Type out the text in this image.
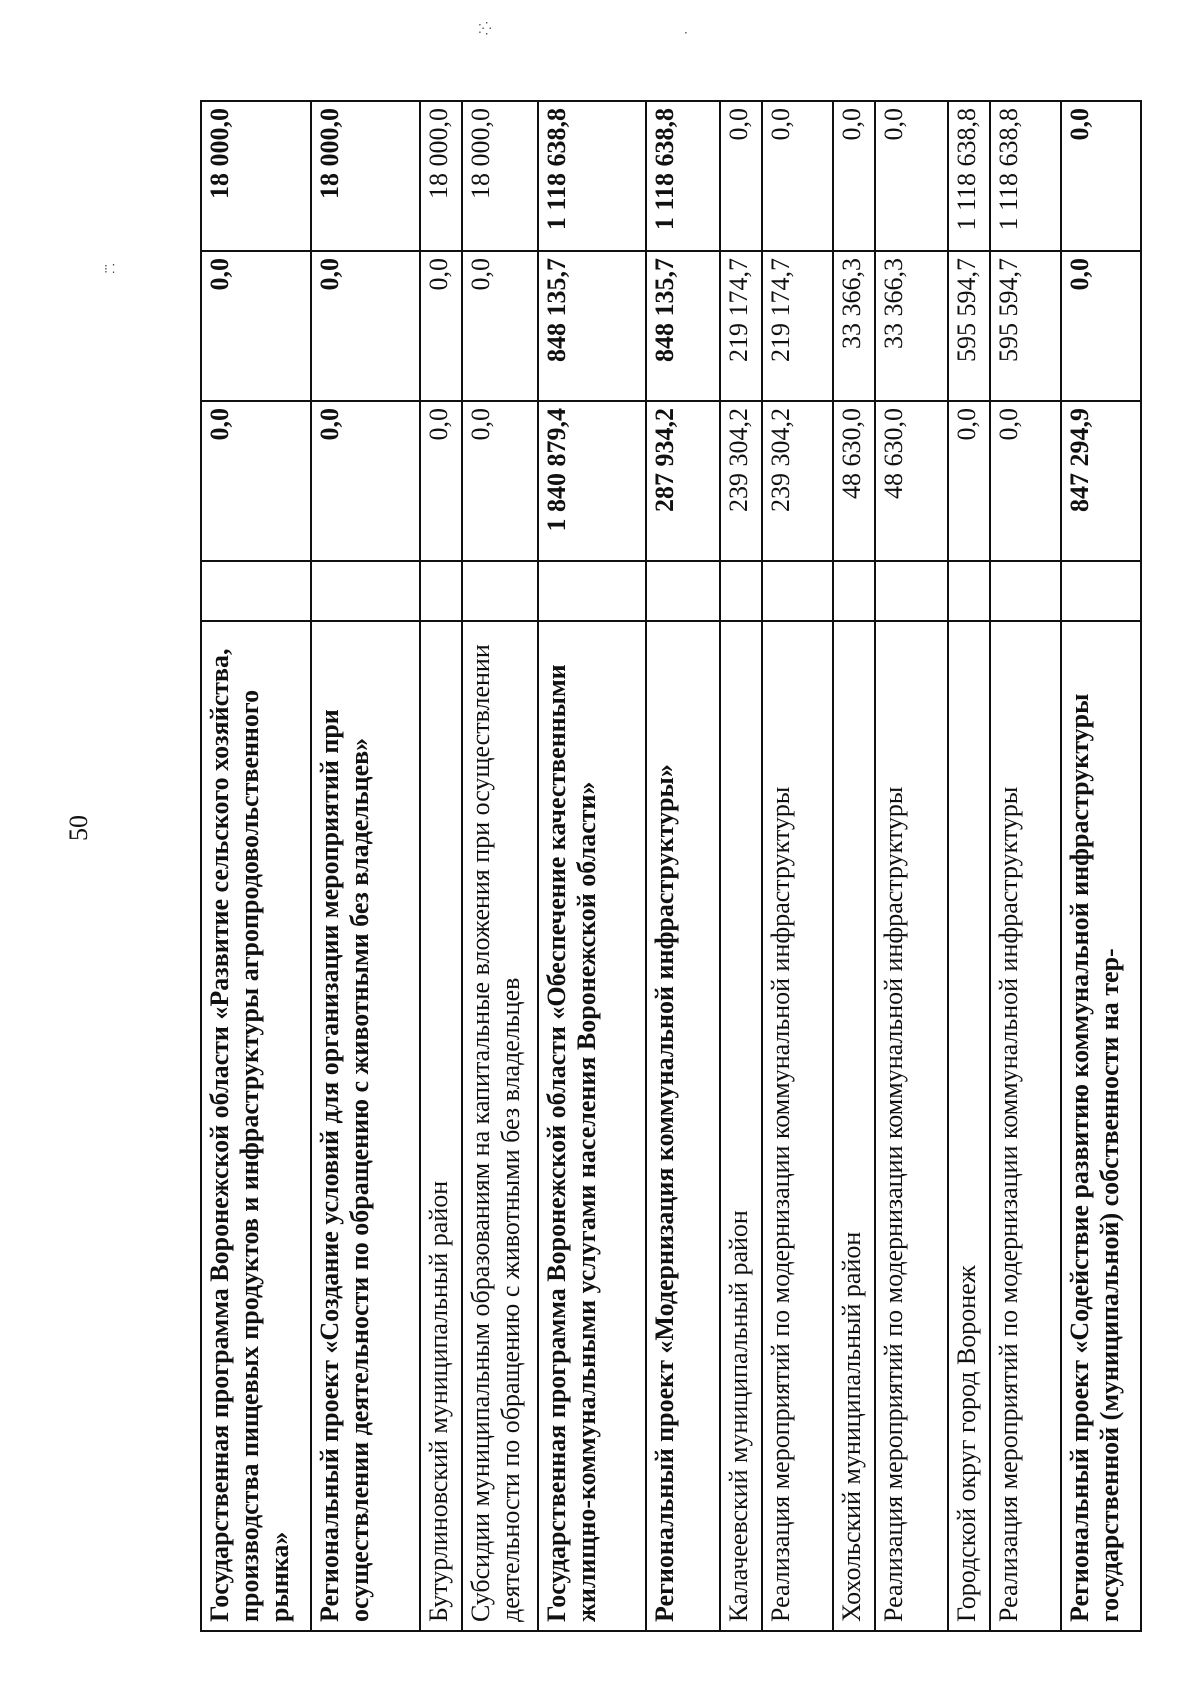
50
⁚⁛
⁝ ⁚
·
Государственная программа Воронежской области «Развитие сельского хозяйства, производства пищевых продуктов и инфраструктуры агропродовольственного рынка»		0,0	0,0	18 000,0
Региональный проект «Создание условий для организации мероприятий при осуществлении деятельности по обращению с животными без владельцев»		0,0	0,0	18 000,0
Бутурлиновский муниципальный район		0,0	0,0	18 000,0
Субсидии муниципальным образованиям на капитальные вложения при осуществлении деятельности по обращению с животными без владельцев		0,0	0,0	18 000,0
Государственная программа Воронежской области «Обеспечение качественными жилищно-коммунальными услугами населения Воронежской области»		1 840 879,4	848 135,7	1 118 638,8
Региональный проект «Модернизация коммунальной инфраструктуры»		287 934,2	848 135,7	1 118 638,8
Калачеевский муниципальный район		239 304,2	219 174,7	0,0
Реализация мероприятий по модернизации коммунальной инфраструктуры		239 304,2	219 174,7	0,0
Хохольский муниципальный район		48 630,0	33 366,3	0,0
Реализация мероприятий по модернизации коммунальной инфраструктуры		48 630,0	33 366,3	0,0
Городской округ город Воронеж		0,0	595 594,7	1 118 638,8
Реализация мероприятий по модернизации коммунальной инфраструктуры		0,0	595 594,7	1 118 638,8
Региональный проект «Содействие развитию коммунальной инфраструктуры государственной (муниципальной) собственности на тер-		847 294,9	0,0	0,0
